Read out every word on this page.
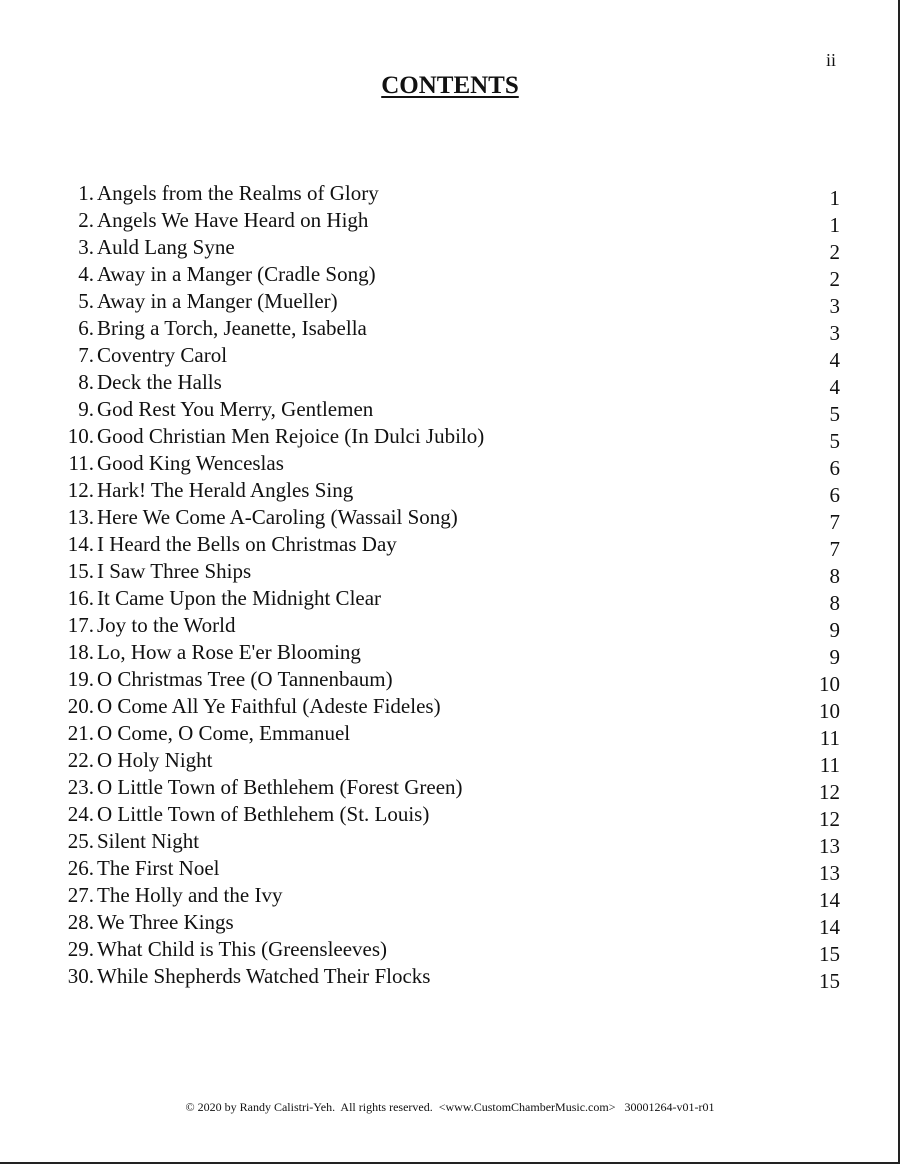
ii
CONTENTS
1. Angels from the Realms of Glory	1
2. Angels We Have Heard on High	1
3. Auld Lang Syne	2
4. Away in a Manger (Cradle Song)	2
5. Away in a Manger (Mueller)	3
6. Bring a Torch, Jeanette, Isabella	3
7. Coventry Carol	4
8. Deck the Halls	4
9. God Rest You Merry, Gentlemen	5
10. Good Christian Men Rejoice (In Dulci Jubilo)	5
11. Good King Wenceslas	6
12. Hark! The Herald Angles Sing	6
13. Here We Come A-Caroling (Wassail Song)	7
14. I Heard the Bells on Christmas Day	7
15. I Saw Three Ships	8
16. It Came Upon the Midnight Clear	8
17. Joy to the World	9
18. Lo, How a Rose E'er Blooming	9
19. O Christmas Tree (O Tannenbaum)	10
20. O Come All Ye Faithful (Adeste Fideles)	10
21. O Come, O Come, Emmanuel	11
22. O Holy Night	11
23. O Little Town of Bethlehem (Forest Green)	12
24. O Little Town of Bethlehem (St. Louis)	12
25. Silent Night	13
26. The First Noel	13
27. The Holly and the Ivy	14
28. We Three Kings	14
29. What Child is This (Greensleeves)	15
30. While Shepherds Watched Their Flocks	15
© 2020 by Randy Calistri-Yeh.  All rights reserved.  <www.CustomChamberMusic.com>   30001264-v01-r01
